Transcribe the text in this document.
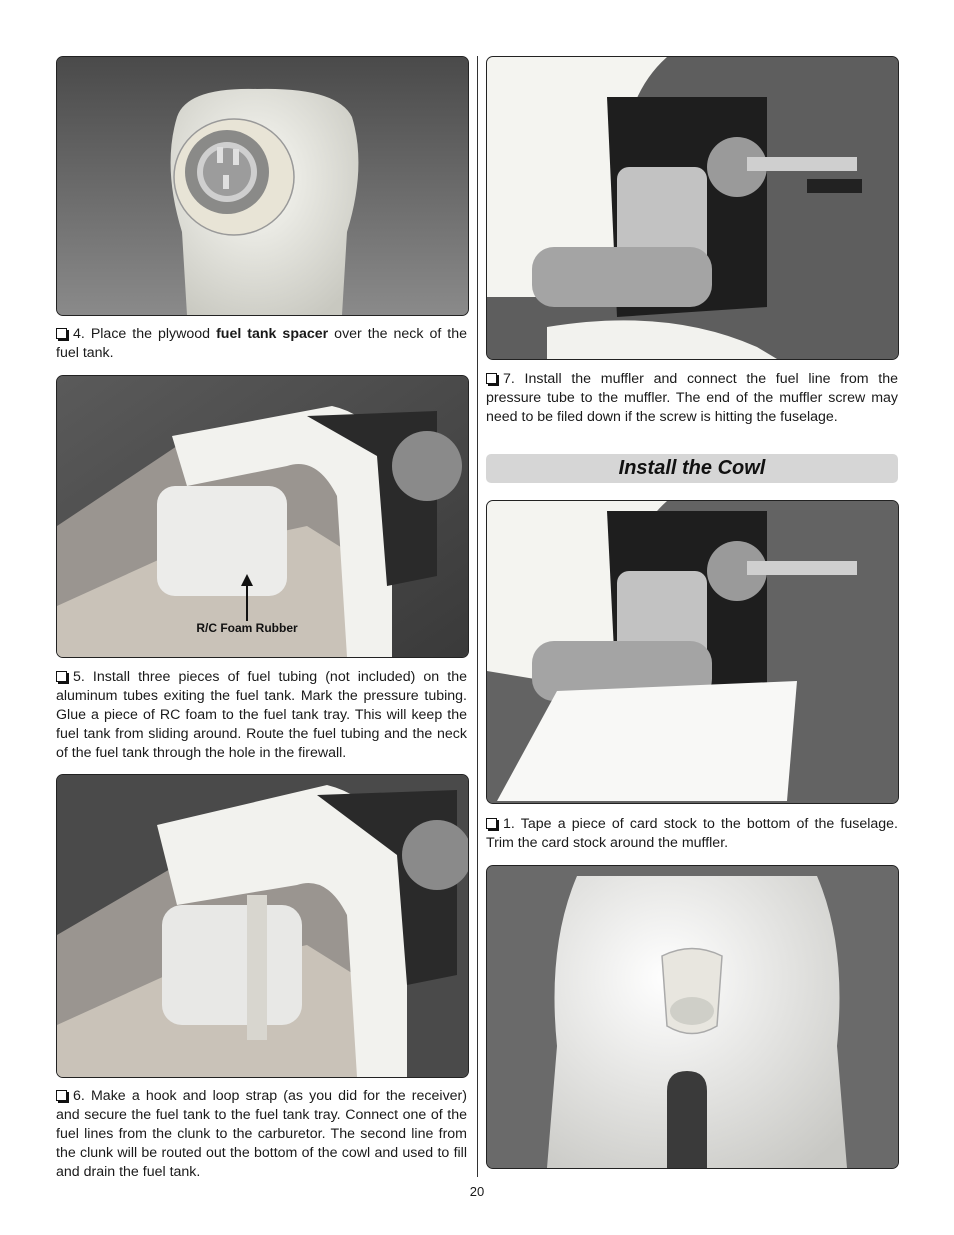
4. Place the plywood fuel tank spacer over the neck of the fuel tank.

R/C Foam Rubber

5. Install three pieces of fuel tubing (not included) on the aluminum tubes exiting the fuel tank. Mark the pressure tubing. Glue a piece of RC foam to the fuel tank tray. This will keep the fuel tank from sliding around. Route the fuel tubing and the neck of the fuel tank through the hole in the firewall.

6. Make a hook and loop strap (as you did for the receiver) and secure the fuel tank to the fuel tank tray. Connect one of the fuel lines from the clunk to the carburetor. The second line from the clunk will be routed out the bottom of the cowl and used to fill and drain the fuel tank.

7. Install the muffler and connect the fuel line from the pressure tube to the muffler. The end of the muffler screw may need to be filed down if the screw is hitting the fuselage.

Install the Cowl

1. Tape a piece of card stock to the bottom of the fuselage. Trim the card stock around the muffler.

20
